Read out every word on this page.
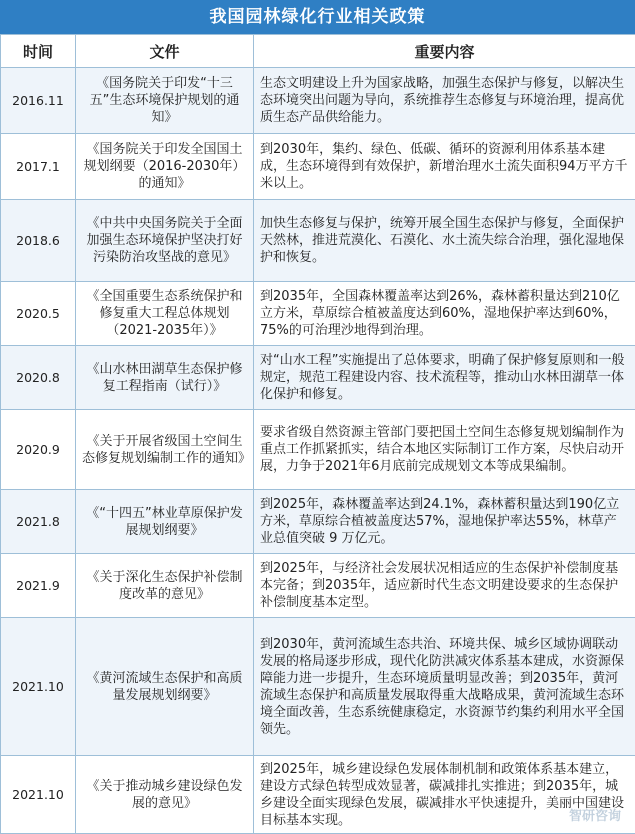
我国园林绿化行业相关政策
时间	文件	重要内容
2016.11	《国务院关于印发“十三五”生态环境保护规划的通知》	生态文明建设上升为国家战略，加强生态保护与修复，以解决生态环境突出问题为导向，系统推荐生态修复与环境治理，提高优质生态产品供给能力。
2017.1	《国务院关于印发全国国土规划纲要（2016-2030年）的通知》	到2030年，集约、绿色、低碳、循环的资源利用体系基本建成，生态环境得到有效保护，新增治理水土流失面积94万平方千米以上。
2018.6	《中共中央国务院关于全面加强生态环境保护坚决打好污染防治攻坚战的意见》	加快生态修复与保护，统筹开展全国生态保护与修复，全面保护天然林，推进荒漠化、石漠化、水土流失综合治理，强化湿地保护和恢复。
2020.5	《全国重要生态系统保护和修复重大工程总体规划（2021-2035年）》	到2035年，全国森林覆盖率达到26%，森林蓄积量达到210亿立方米，草原综合植被盖度达到60%，湿地保护率达到60%，75%的可治理沙地得到治理。
2020.8	《山水林田湖草生态保护修复工程指南（试行）》	对“山水工程”实施提出了总体要求，明确了保护修复原则和一般规定，规范工程建设内容、技术流程等，推动山水林田湖草一体化保护和修复。
2020.9	《关于开展省级国土空间生态修复规划编制工作的通知》	要求省级自然资源主管部门要把国土空间生态修复规划编制作为重点工作抓紧抓实，结合本地区实际制订工作方案，尽快启动开展，力争于2021年6月底前完成规划文本等成果编制。
2021.8	《“十四五”林业草原保护发展规划纲要》	到2025年，森林覆盖率达到24.1%，森林蓄积量达到190亿立方米，草原综合植被盖度达57%，湿地保护率达55%，林草产业总值突破 9 万亿元。
2021.9	《关于深化生态保护补偿制度改革的意见》	到2025年，与经济社会发展状况相适应的生态保护补偿制度基本完备；到2035年，适应新时代生态文明建设要求的生态保护补偿制度基本定型。
2021.10	《黄河流域生态保护和高质量发展规划纲要》	到2030年，黄河流域生态共治、环境共保、城乡区域协调联动发展的格局逐步形成，现代化防洪减灾体系基本建成，水资源保障能力进一步提升，生态环境质量明显改善；到2035年，黄河流域生态保护和高质量发展取得重大战略成果，黄河流域生态环境全面改善，生态系统健康稳定，水资源节约集约利用水平全国领先。
2021.10	《关于推动城乡建设绿色发展的意见》	到2025年，城乡建设绿色发展体制机制和政策体系基本建立，建设方式绿色转型成效显著，碳减排扎实推进；到2035年，城乡建设全面实现绿色发展，碳减排水平快速提升，美丽中国建设目标基本实现。	智研咨询
